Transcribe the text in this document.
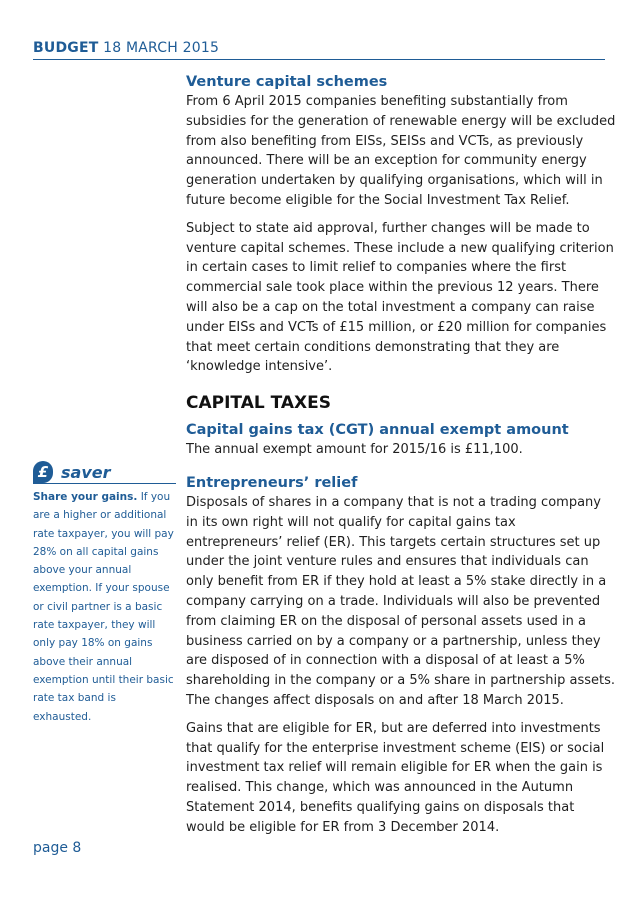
BUDGET 18 MARCH 2015
Venture capital schemes

From 6 April 2015 companies benefiting substantially from subsidies for the generation of renewable energy will be excluded from also benefiting from EISs, SEISs and VCTs, as previously announced. There will be an exception for community energy generation undertaken by qualifying organisations, which will in future become eligible for the Social Investment Tax Relief.

Subject to state aid approval, further changes will be made to venture capital schemes. These include a new qualifying criterion in certain cases to limit relief to companies where the first commercial sale took place within the previous 12 years. There will also be a cap on the total investment a company can raise under EISs and VCTs of £15 million, or £20 million for companies that meet certain conditions demonstrating that they are ‘knowledge intensive’.

CAPITAL TAXES
Capital gains tax (CGT) annual exempt amount

The annual exempt amount for 2015/16 is £11,100.

Entrepreneurs’ relief

Disposals of shares in a company that is not a trading company in its own right will not qualify for capital gains tax entrepreneurs’ relief (ER). This targets certain structures set up under the joint venture rules and ensures that individuals can only benefit from ER if they hold at least a 5% stake directly in a company carrying on a trade. Individuals will also be prevented from claiming ER on the disposal of personal assets used in a business carried on by a company or a partnership, unless they are disposed of in connection with a disposal of at least a 5% shareholding in the company or a 5% share in partnership assets. The changes affect disposals on and after 18 March 2015.

Gains that are eligible for ER, but are deferred into investments that qualify for the enterprise investment scheme (EIS) or social investment tax relief will remain eligible for ER when the gain is realised. This change, which was announced in the Autumn Statement 2014, benefits qualifying gains on disposals that would be eligible for ER from 3 December 2014.

£ saver
Share your gains. If you are a higher or additional rate taxpayer, you will pay 28% on all capital gains above your annual exemption. If your spouse or civil partner is a basic rate taxpayer, they will only pay 18% on gains above their annual exemption until their basic rate tax band is exhausted.
page 8
